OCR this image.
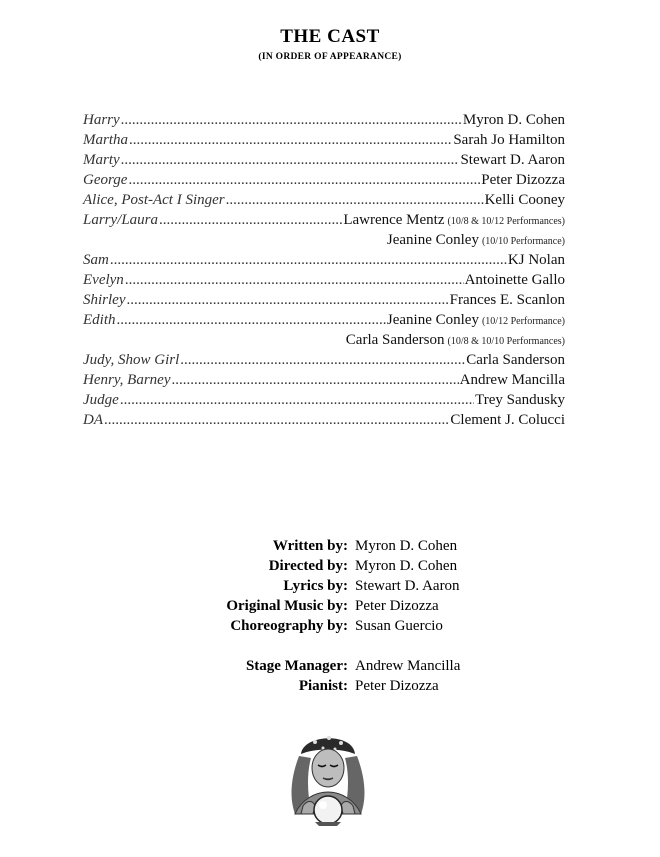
THE CAST
(IN ORDER OF APPEARANCE)
Harry .....	Myron D. Cohen
Martha .....	Sarah Jo Hamilton
Marty .....	Stewart D. Aaron
George .....	Peter Dizozza
Alice, Post-Act I Singer .....	Kelli Cooney
Larry/Laura .....	Lawrence Mentz (10/8 & 10/12 Performances)
Jeanine Conley (10/10 Performance)
Sam .....	KJ Nolan
Evelyn .....	Antoinette Gallo
Shirley .....	Frances E. Scanlon
Edith .....	Jeanine Conley (10/12 Performance)
Carla Sanderson (10/8 & 10/10 Performances)
Judy, Show Girl .....	Carla Sanderson
Henry, Barney .....	Andrew Mancilla
Judge .....	Trey Sandusky
DA .....	Clement J. Colucci
Written by: Myron D. Cohen
Directed by: Myron D. Cohen
Lyrics by: Stewart D. Aaron
Original Music by: Peter Dizozza
Choreography by: Susan Guercio
Stage Manager: Andrew Mancilla
Pianist: Peter Dizozza
